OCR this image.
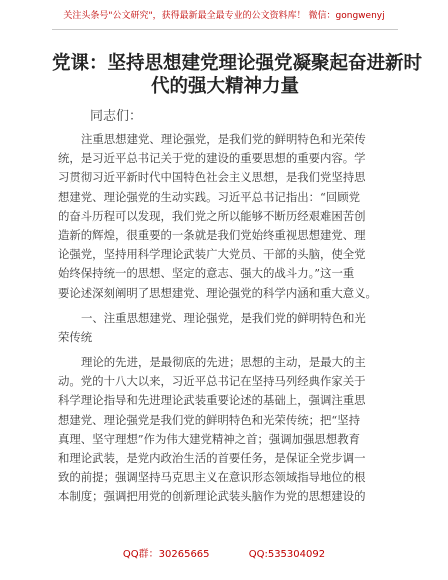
关注头条号"公文研究"，获得最新最全最专业的公文资料库！ 微信：gongwenyj
党课：坚持思想建党理论强党凝聚起奋进新时
代的强大精神力量
同志们：
注重思想建党、理论强党，是我们党的鲜明特色和光荣传
统，是习近平总书记关于党的建设的重要思想的重要内容。学
习贯彻习近平新时代中国特色社会主义思想，是我们党坚持思
想建党、理论强党的生动实践。习近平总书记指出：“回顾党
的奋斗历程可以发现，我们党之所以能够不断历经艰难困苦创
造新的辉煌，很重要的一条就是我们党始终重视思想建党、理
论强党，坚持用科学理论武装广大党员、干部的头脑，使全党
始终保持统一的思想、坚定的意志、强大的战斗力。”这一重
要论述深刻阐明了思想建党、理论强党的科学内涵和重大意义。
一、注重思想建党、理论强党，是我们党的鲜明特色和光
荣传统
理论的先进，是最彻底的先进；思想的主动，是最大的主
动。党的十八大以来，习近平总书记在坚持马列经典作家关于
科学理论指导和先进理论武装重要论述的基础上，强调注重思
想建党、理论强党是我们党的鲜明特色和光荣传统；把“坚持
真理、坚守理想”作为伟大建党精神之首；强调加强思想教育
和理论武装，是党内政治生活的首要任务，是保证全党步调一
致的前提；强调坚持马克思主义在意识形态领域指导地位的根
本制度；强调把用党的创新理论武装头脑作为党的思想建设的
QQ群：30265665	QQ:535304092
